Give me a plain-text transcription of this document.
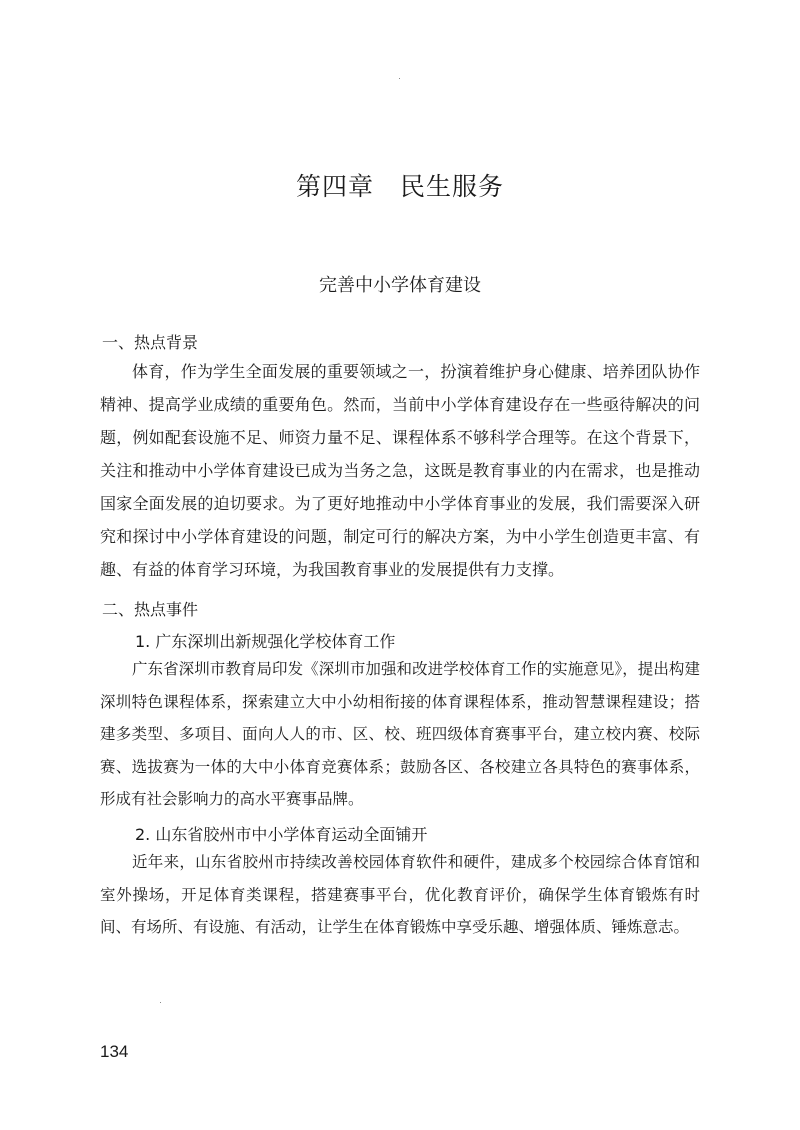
第四章　民生服务
完善中小学体育建设
一、热点背景

体育，作为学生全面发展的重要领域之一，扮演着维护身心健康、培养团队协作精神、提高学业成绩的重要角色。然而，当前中小学体育建设存在一些亟待解决的问题，例如配套设施不足、师资力量不足、课程体系不够科学合理等。在这个背景下，关注和推动中小学体育建设已成为当务之急，这既是教育事业的内在需求，也是推动国家全面发展的迫切要求。为了更好地推动中小学体育事业的发展，我们需要深入研究和探讨中小学体育建设的问题，制定可行的解决方案，为中小学生创造更丰富、有趣、有益的体育学习环境，为我国教育事业的发展提供有力支撑。

二、热点事件
1. 广东深圳出新规强化学校体育工作

广东省深圳市教育局印发《深圳市加强和改进学校体育工作的实施意见》，提出构建深圳特色课程体系，探索建立大中小幼相衔接的体育课程体系，推动智慧课程建设；搭建多类型、多项目、面向人人的市、区、校、班四级体育赛事平台，建立校内赛、校际赛、选拔赛为一体的大中小体育竞赛体系；鼓励各区、各校建立各具特色的赛事体系，形成有社会影响力的高水平赛事品牌。

2. 山东省胶州市中小学体育运动全面铺开

近年来，山东省胶州市持续改善校园体育软件和硬件，建成多个校园综合体育馆和室外操场，开足体育类课程，搭建赛事平台，优化教育评价，确保学生体育锻炼有时间、有场所、有设施、有活动，让学生在体育锻炼中享受乐趣、增强体质、锤炼意志。

134
